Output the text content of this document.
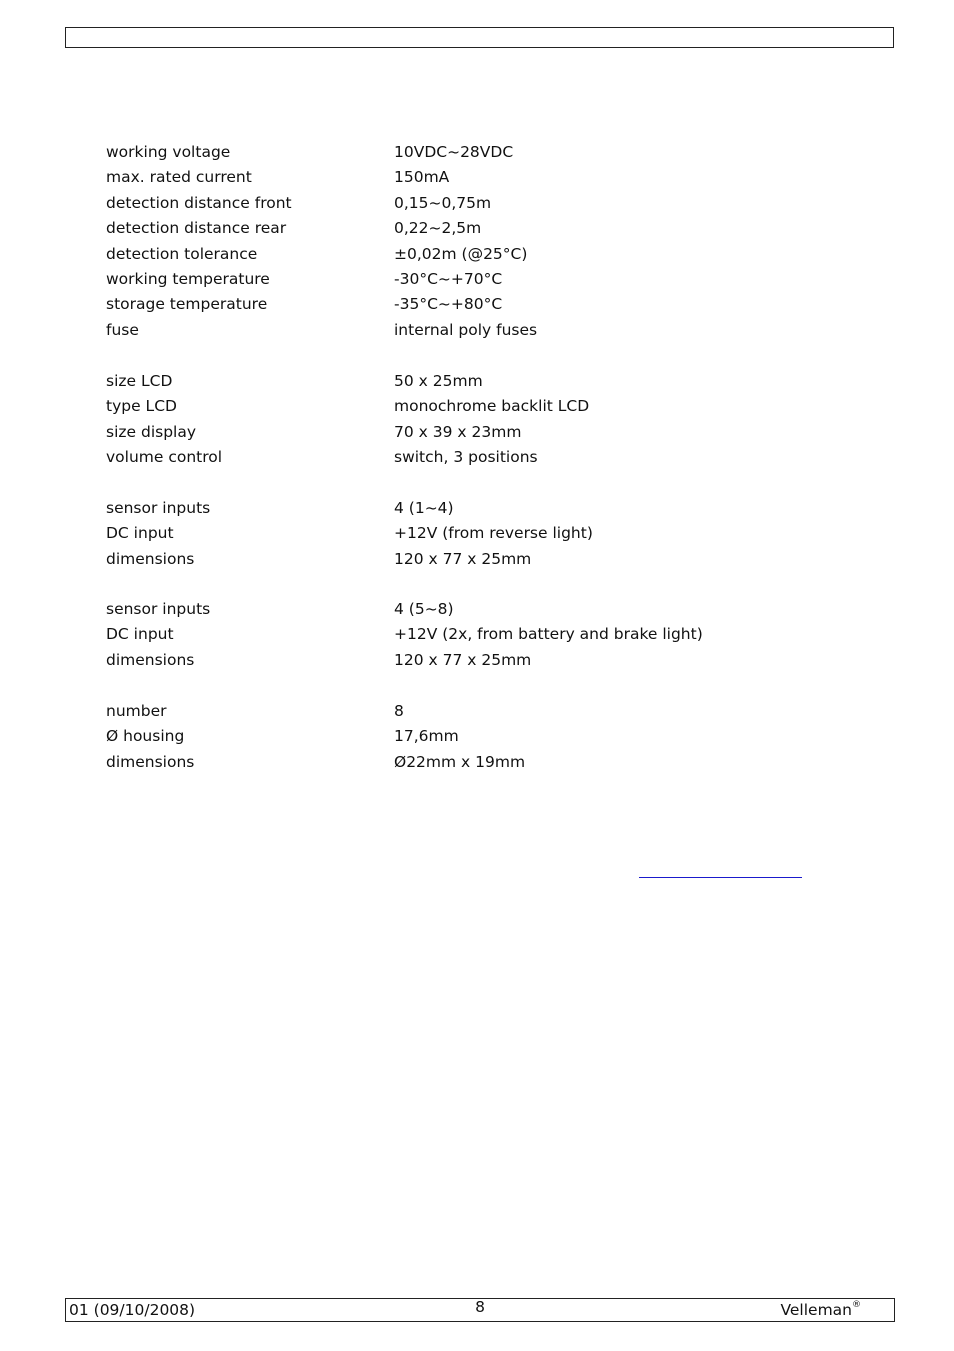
working voltage	10VDC~28VDC
max. rated current	150mA
detection distance front	0,15~0,75m
detection distance rear	0,22~2,5m
detection tolerance	±0,02m (@25°C)
working temperature	-30°C~+70°C
storage temperature	-35°C~+80°C
fuse	internal poly fuses
size LCD	50 x 25mm
type LCD	monochrome backlit LCD
size display	70 x 39 x 23mm
volume control	switch, 3 positions
sensor inputs	4 (1~4)
DC input	+12V (from reverse light)
dimensions	120 x 77 x 25mm
sensor inputs	4 (5~8)
DC input	+12V (2x, from battery and brake light)
dimensions	120 x 77 x 25mm
number	8
Ø housing	17,6mm
dimensions	Ø22mm x 19mm
01 (09/10/2008)	8	Velleman®
